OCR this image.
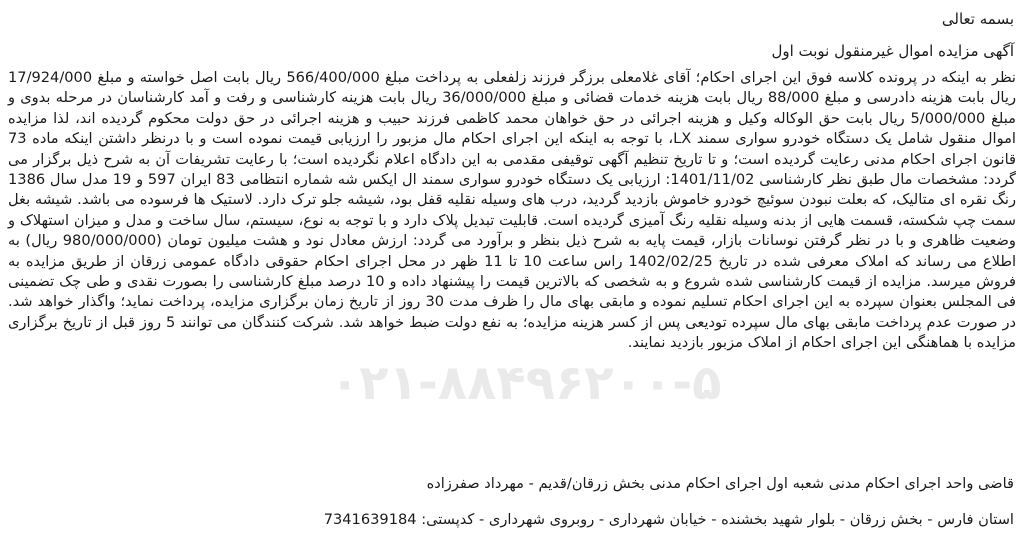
بسمه تعالی
آگهی مزایده اموال غیرمنقول نوبت اول
۰۲۱-۸۸۴۹۶۲۰۰-۵
نظر به اینکه در پرونده کلاسه فوق این اجرای احکام؛ آقای غلامعلی برزگر فرزند زلفعلی به پرداخت مبلغ 566/400/000 ریال بابت اصل خواسته و مبلغ 17/924/000 ریال بابت هزینه دادرسی و مبلغ 88/000 ریال بابت هزینه خدمات قضائی و مبلغ 36/000/000 ریال بابت هزینه کارشناسی و رفت و آمد کارشناسان در مرحله بدوی و مبلغ 5/000/000 ریال بابت حق الوکاله وکیل و هزینه اجرائی در حق خواهان محمد کاظمی فرزند حبیب و هزینه اجرائی در حق دولت محکوم گردیده اند، لذا مزایده اموال منقول شامل یک دستگاه خودرو سواری سمند LX، با توجه به اینکه این اجرای احکام مال مزبور را ارزیابی قیمت نموده است و با درنظر داشتن اینکه ماده 73 قانون اجرای احکام مدنی رعایت گردیده است؛ و تا تاریخ تنظیم آگهی توقیفی مقدمی به این دادگاه اعلام نگردیده است؛ با رعایت تشریفات آن به شرح ذیل برگزار می گردد: مشخصات مال طبق نظر کارشناسی 1401/11/02: ارزیابی یک دستگاه خودرو سواری سمند ال ایکس شه شماره انتظامی 83 ایران 597 و 19 مدل سال 1386 رنگ نقره ای متالیک، که بعلت نبودن سوئیچ خودرو خاموش بازدید گردید، درب های وسیله نقلیه قفل بود، شیشه جلو ترک دارد. لاستیک ها فرسوده می باشد. شیشه بغل سمت چپ شکسته، قسمت هایی از بدنه وسیله نقلیه رنگ آمیزی گردیده است. قابلیت تبدیل پلاک دارد و با توجه به نوع، سیستم، سال ساخت و مدل و میزان استهلاک و وضعیت ظاهری و با در نظر گرفتن نوسانات بازار، قیمت پایه به شرح ذیل بنظر و برآورد می گردد: ارزش معادل نود و هشت میلیون تومان (980/000/000 ریال) به اطلاع می رساند که املاک معرفی شده در تاریخ 1402/02/25 راس ساعت 10 تا 11 ظهر در محل اجرای احکام حقوقی دادگاه عمومی زرقان از طریق مزایده به فروش میرسد. مزایده از قیمت کارشناسی شده شروع و به شخصی که بالاترین قیمت را پیشنهاد داده و 10 درصد مبلغ کارشناسی را بصورت نقدی و طی چک تضمینی فی المجلس بعنوان سپرده به این اجرای احکام تسلیم نموده و مابقی بهای مال را ظرف مدت 30 روز از تاریخ زمان برگزاری مزایده، پرداخت نماید؛ واگذار خواهد شد. در صورت عدم پرداخت مابقی بهای مال سپرده تودیعی پس از کسر هزینه مزایده؛ به نفع دولت ضبط خواهد شد. شرکت کنندگان می توانند 5 روز قبل از تاریخ برگزاری مزایده با هماهنگی این اجرای احکام از املاک مزبور بازدید نمایند.
قاضی واحد اجرای احکام مدنی شعبه اول اجرای احکام مدنی بخش زرقان/قدیم - مهرداد صفرزاده
استان فارس - بخش زرقان - بلوار شهید بخشنده - خیابان شهرداری - روبروی شهرداری - کدپستی: 7341639184
